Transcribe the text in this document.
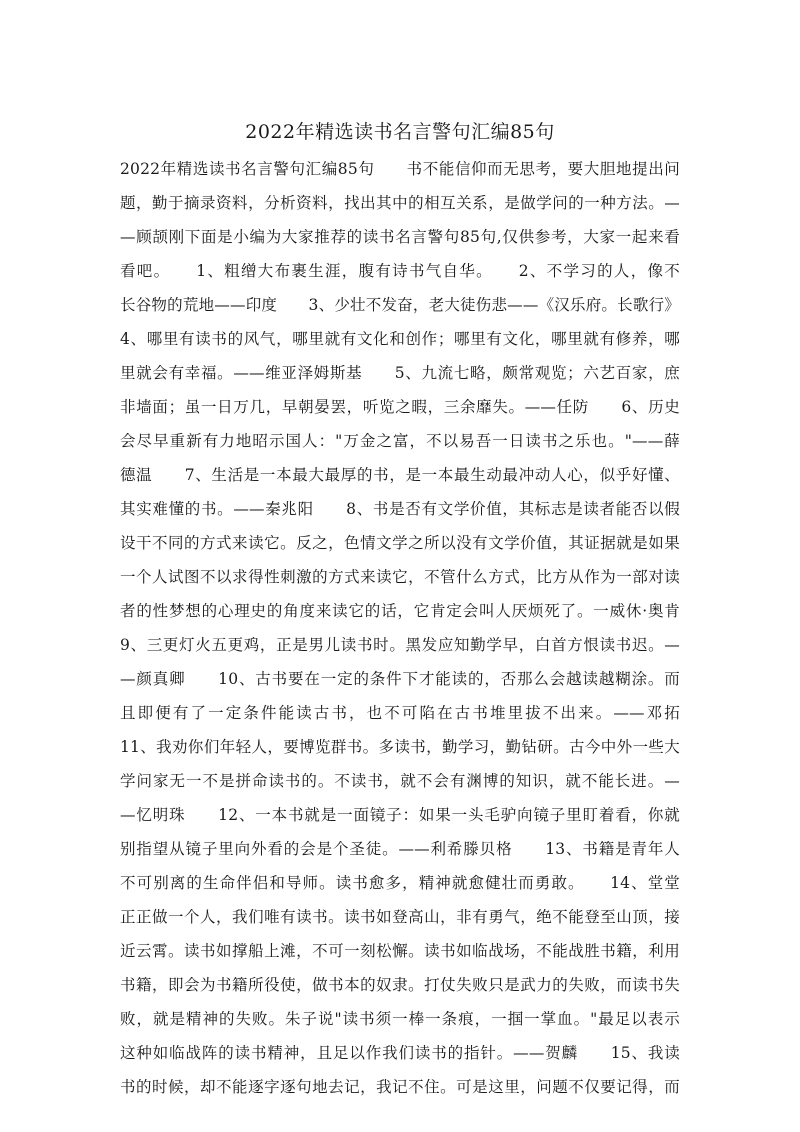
2022年精选读书名言警句汇编85句
2022年精选读书名言警句汇编85句　　书不能信仰而无思考，要大胆地提出问
题，勤于摘录资料，分析资料，找出其中的相互关系，是做学问的一种方法。—
—顾颉刚下面是小编为大家推荐的读书名言警句85句,仅供参考，大家一起来看
看吧。　　1、粗缯大布裹生涯，腹有诗书气自华。　　2、不学习的人，像不
长谷物的荒地——印度　　3、少壮不发奋，老大徒伤悲——《汉乐府。长歌行》
4、哪里有读书的风气，哪里就有文化和创作；哪里有文化，哪里就有修养，哪
里就会有幸福。——维亚泽姆斯基　　5、九流七略，颇常观览；六艺百家，庶
非墙面；虽一日万几，早朝晏罢，听览之暇，三余靡失。——任防　　6、历史
会尽早重新有力地昭示国人："万金之富，不以易吾一日读书之乐也。"——薛
德温　　7、生活是一本最大最厚的书，是一本最生动最冲动人心，似乎好懂、
其实难懂的书。——秦兆阳　　8、书是否有文学价值，其标志是读者能否以假
设干不同的方式来读它。反之，色情文学之所以没有文学价值，其证据就是如果
一个人试图不以求得性刺激的方式来读它，不管什么方式，比方从作为一部对读
者的性梦想的心理史的角度来读它的话，它肯定会叫人厌烦死了。一威休·奥肯
9、三更灯火五更鸡，正是男儿读书时。黑发应知勤学早，白首方恨读书迟。—
—颜真卿　　10、古书要在一定的条件下才能读的，否那么会越读越糊涂。而
且即便有了一定条件能读古书，也不可陷在古书堆里拔不出来。——邓拓
11、我劝你们年轻人，要博览群书。多读书，勤学习，勤钻研。古今中外一些大
学问家无一不是拼命读书的。不读书，就不会有渊博的知识，就不能长进。—
—忆明珠　　12、一本书就是一面镜子：如果一头毛驴向镜子里盯着看，你就
别指望从镜子里向外看的会是个圣徒。——利希滕贝格　　13、书籍是青年人
不可别离的生命伴侣和导师。读书愈多，精神就愈健壮而勇敢。　　14、堂堂
正正做一个人，我们唯有读书。读书如登高山，非有勇气，绝不能登至山顶，接
近云霄。读书如撑船上滩，不可一刻松懈。读书如临战场，不能战胜书籍，利用
书籍，即会为书籍所役使，做书本的奴隶。打仗失败只是武力的失败，而读书失
败，就是精神的失败。朱子说"读书须一棒一条痕，一掴一掌血。"最足以表示
这种如临战阵的读书精神，且足以作我们读书的指针。——贺麟　　15、我读
书的时候，却不能逐字逐句地去记，我记不住。可是这里，问题不仅要记得，而
